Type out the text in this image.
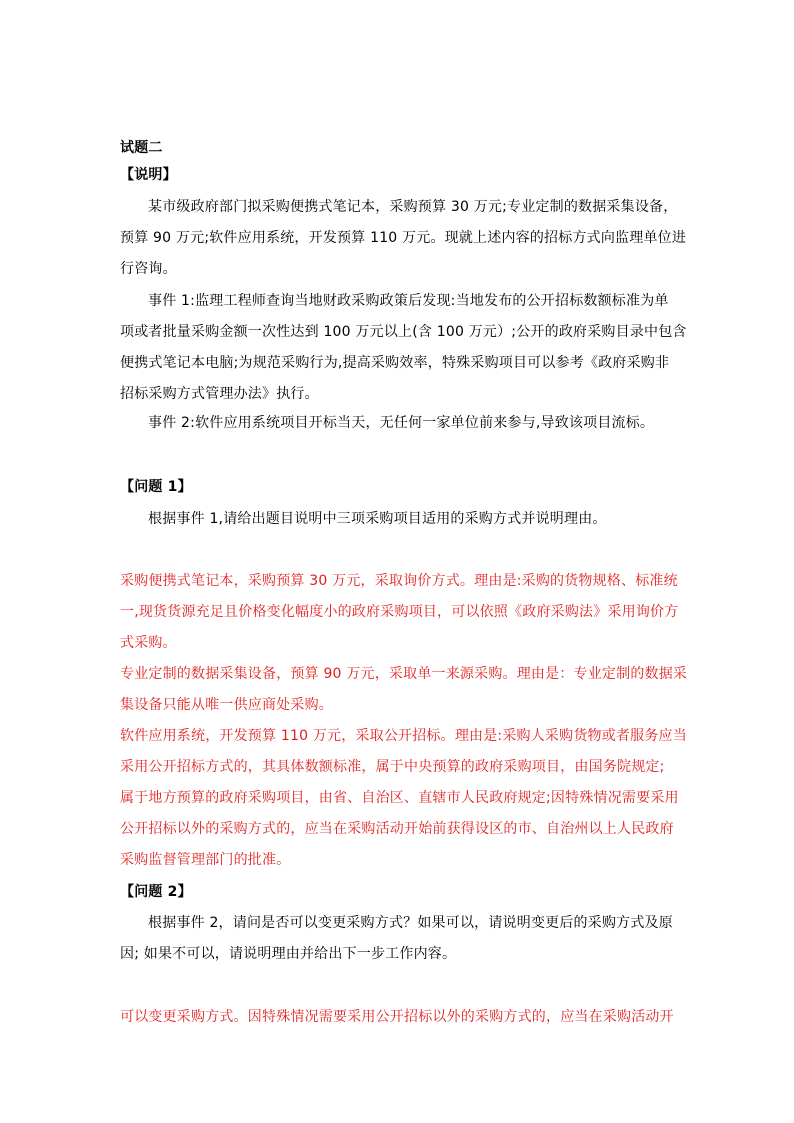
试题二
【说明】
某市级政府部门拟采购便携式笔记本，采购预算 30 万元;专业定制的数据采集设备，
预算 90 万元;软件应用系统，开发预算 110 万元。现就上述内容的招标方式向监理单位进
行咨询。
事件 1:监理工程师查询当地财政采购政策后发现:当地发布的公开招标数额标准为单
项或者批量采购金额一次性达到 100 万元以上(含 100 万元）;公开的政府采购目录中包含
便携式笔记本电脑;为规范采购行为,提高采购效率，特殊采购项目可以参考《政府采购非
招标采购方式管理办法》执行。
事件 2:软件应用系统项目开标当天，无任何一家单位前来参与,导致该项目流标。
【问题 1】
根据事件 1,请给出题目说明中三项采购项目适用的采购方式并说明理由。
采购便携式笔记本，采购预算 30 万元，采取询价方式。理由是:采购的货物规格、标准统
一,现货货源充足且价格变化幅度小的政府采购项目，可以依照《政府采购法》采用询价方
式采购。
专业定制的数据采集设备，预算 90 万元，采取单一来源采购。理由是：专业定制的数据采
集设备只能从唯一供应商处采购。
软件应用系统，开发预算 110 万元，采取公开招标。理由是:采购人采购货物或者服务应当
采用公开招标方式的，其具体数额标准，属于中央预算的政府采购项目，由国务院规定;
属于地方预算的政府采购项目，由省、自治区、直辖市人民政府规定;因特殊情况需要采用
公开招标以外的采购方式的，应当在采购活动开始前获得设区的市、自治州以上人民政府
采购监督管理部门的批准。
【问题 2】
根据事件 2，请问是否可以变更采购方式？如果可以，请说明变更后的采购方式及原
因; 如果不可以，请说明理由并给出下一步工作内容。
可以变更采购方式。因特殊情况需要采用公开招标以外的采购方式的，应当在采购活动开
